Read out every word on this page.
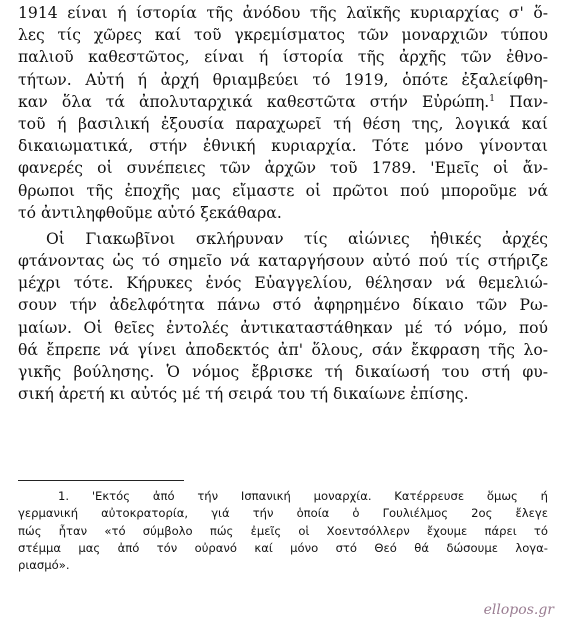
1914 είναι ή ίστορία τῆς ἀνόδου τῆς λαϊκῆς κυριαρχίας σ' ὅ-
λες τίς χῶρες καί τοῦ γκρεμίσματος τῶν μοναρχιῶν τύπου
παλιοῦ καθεστῶτος, είναι ή ίστορία τῆς ἀρχῆς τῶν ἐθνο-
τήτων. Αὐτή ή ἀρχή θριαμβεύει τό 1919, ὁπότε ἐξαλείφθη-
καν ὅλα τά ἀπολυταρχικά καθεστῶτα στήν Εὐρώπη.$^1$ Παν-
τοῦ ή βασιλική ἐξουσία παραχωρεῖ τή θέση της, λογικά καί
δικαιωματικά, στήν ἐθνική κυριαρχία. Τότε μόνο γίνονται
φανερές οἱ συνέπειες τῶν ἀρχῶν τοῦ 1789. 'Εμεῖς οἱ ἄν-
θρωποι τῆς ἐποχῆς μας εἴμαστε οἱ πρῶτοι πού μποροῦμε νά
τό ἀντιληφθοῦμε αὐτό ξεκάθαρα.
Οἱ Γιακωβῖνοι σκλήρυναν τίς αἰώνιες ἠθικές ἀρχές
φτάνοντας ὡς τό σημεῖο νά καταργήσουν αὐτό πού τίς στήριζε
μέχρι τότε. Κήρυκες ἑνός Εὐαγγελίου, θέλησαν νά θεμελιώ-
σουν τήν ἀδελφότητα πάνω στό ἀφηρημένο δίκαιο τῶν Ρω-
μαίων. Οἱ θεῖες ἐντολές ἀντικαταστάθηκαν μέ τό νόμο, πού
θά ἔπρεπε νά γίνει ἀποδεκτός ἀπ' ὅλους, σάν ἔκφραση τῆς λο-
γικῆς βούλησης. Ὁ νόμος ἔβρισκε τή δικαίωσή του στή φυ-
σική ἀρετή κι αὐτός μέ τή σειρά του τή δικαίωνε ἐπίσης.
1. 'Εκτός ἀπό τήν Ισπανική μοναρχία. Κατέρρευσε ὅμως ή
γερμανική αὐτοκρατορία, γιά τήν ὁποία ὁ Γουλιέλμος 2ος ἔλεγε
πώς ἦταν «τό σύμβολο πώς ἐμεῖς οἱ Χοεντσόλλερν ἔχουμε πάρει τό
στέμμα μας ἀπό τόν οὐρανό καί μόνο στό Θεό θά δώσουμε λογα-
ριασμό».
ellopos.gr
